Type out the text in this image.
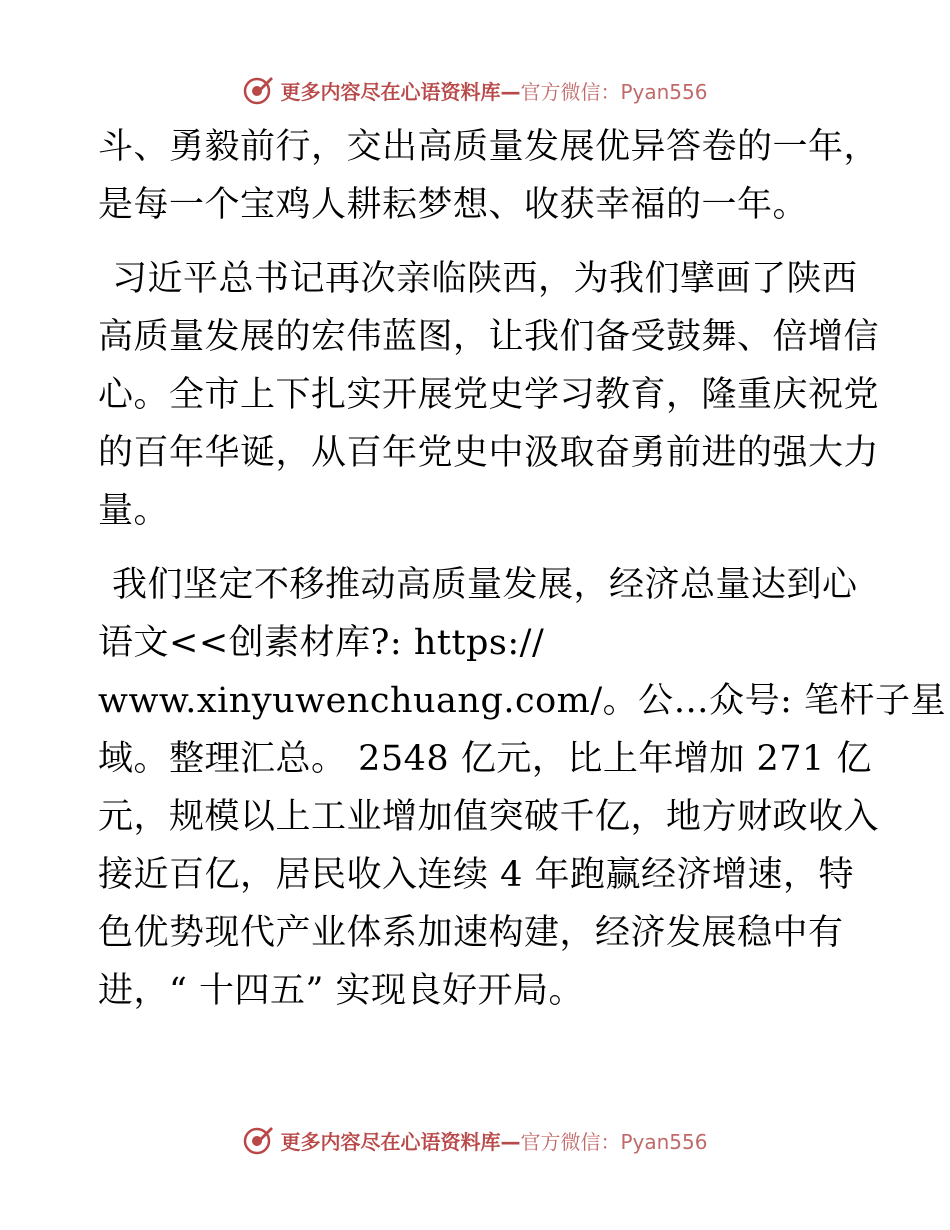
更多内容尽在心语资料库—官方微信：Pyan556
斗、勇毅前行，交出高质量发展优异答卷的一年，
是每一个宝鸡人耕耘梦想、收获幸福的一年。
习近平总书记再次亲临陕西，为我们擘画了陕西
高质量发展的宏伟蓝图，让我们备受鼓舞、倍增信
心。全市上下扎实开展党史学习教育，隆重庆祝党
的百年华诞，从百年党史中汲取奋勇前进的强大力
量。
我们坚定不移推动高质量发展，经济总量达到心
语文<<创素材库?: https://
www.xinyuwenchuang.com/。公…众号: 笔杆子星
域。整理汇总。 2548 亿元，比上年增加 271 亿
元，规模以上工业增加值突破千亿，地方财政收入
接近百亿，居民收入连续 4 年跑赢经济增速，特
色优势现代产业体系加速构建，经济发展稳中有
进，“ 十四五” 实现良好开局。
更多内容尽在心语资料库—官方微信：Pyan556
